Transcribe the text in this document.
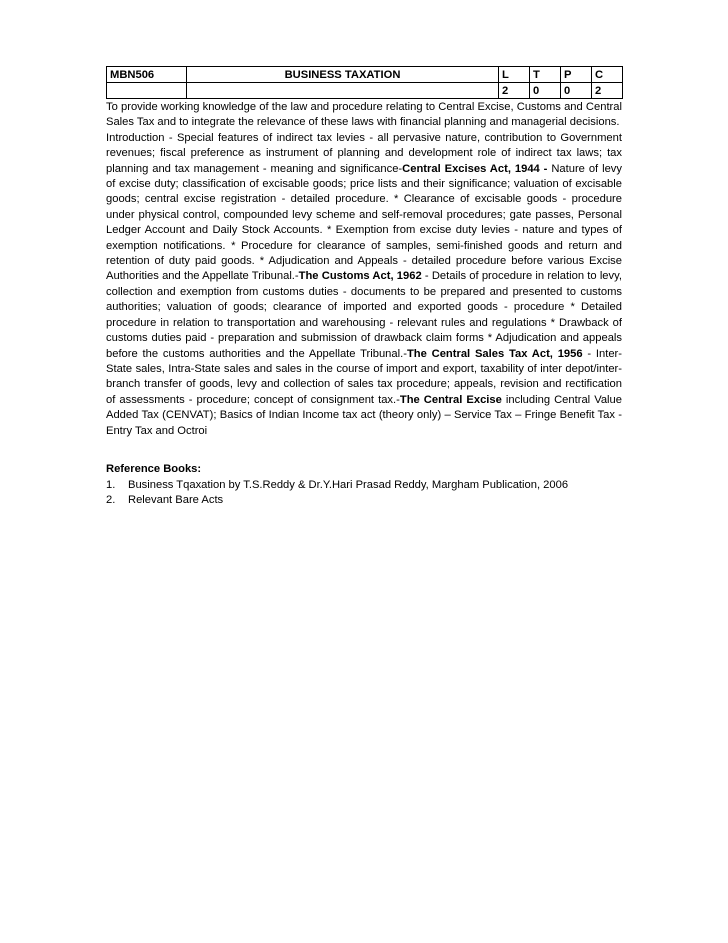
MBN506	BUSINESS TAXATION	L	T	P	C
		2	0	0	2

To provide working knowledge of the law and procedure relating to Central Excise, Customs and Central Sales Tax and to integrate the relevance of these laws with financial planning and managerial decisions.

Introduction - Special features of indirect tax levies - all pervasive nature, contribution to Government revenues; fiscal preference as instrument of planning and development role of indirect tax laws; tax planning and tax management - meaning and significance-Central Excises Act, 1944 - Nature of levy of excise duty; classification of excisable goods; price lists and their significance; valuation of excisable goods; central excise registration - detailed procedure. * Clearance of excisable goods - procedure under physical control, compounded levy scheme and self-removal procedures; gate passes, Personal Ledger Account and Daily Stock Accounts. * Exemption from excise duty levies - nature and types of exemption notifications. * Procedure for clearance of samples, semi-finished goods and return and retention of duty paid goods. * Adjudication and Appeals - detailed procedure before various Excise Authorities and the Appellate Tribunal.-The Customs Act, 1962 - Details of procedure in relation to levy, collection and exemption from customs duties - documents to be prepared and presented to customs authorities; valuation of goods; clearance of imported and exported goods - procedure * Detailed procedure in relation to transportation and warehousing - relevant rules and regulations * Drawback of customs duties paid - preparation and submission of drawback claim forms * Adjudication and appeals before the customs authorities and the Appellate Tribunal.-The Central Sales Tax Act, 1956 - Inter-State sales, Intra-State sales and sales in the course of import and export, taxability of inter depot/inter-branch transfer of goods, levy and collection of sales tax procedure; appeals, revision and rectification of assessments - procedure; concept of consignment tax.-The Central Excise including Central Value Added Tax (CENVAT); Basics of Indian Income tax act (theory only) – Service Tax – Fringe Benefit Tax - Entry Tax and Octroi

Reference Books:

1.	Business Tqaxation by T.S.Reddy & Dr.Y.Hari Prasad Reddy, Margham Publication, 2006
2.	Relevant Bare Acts
